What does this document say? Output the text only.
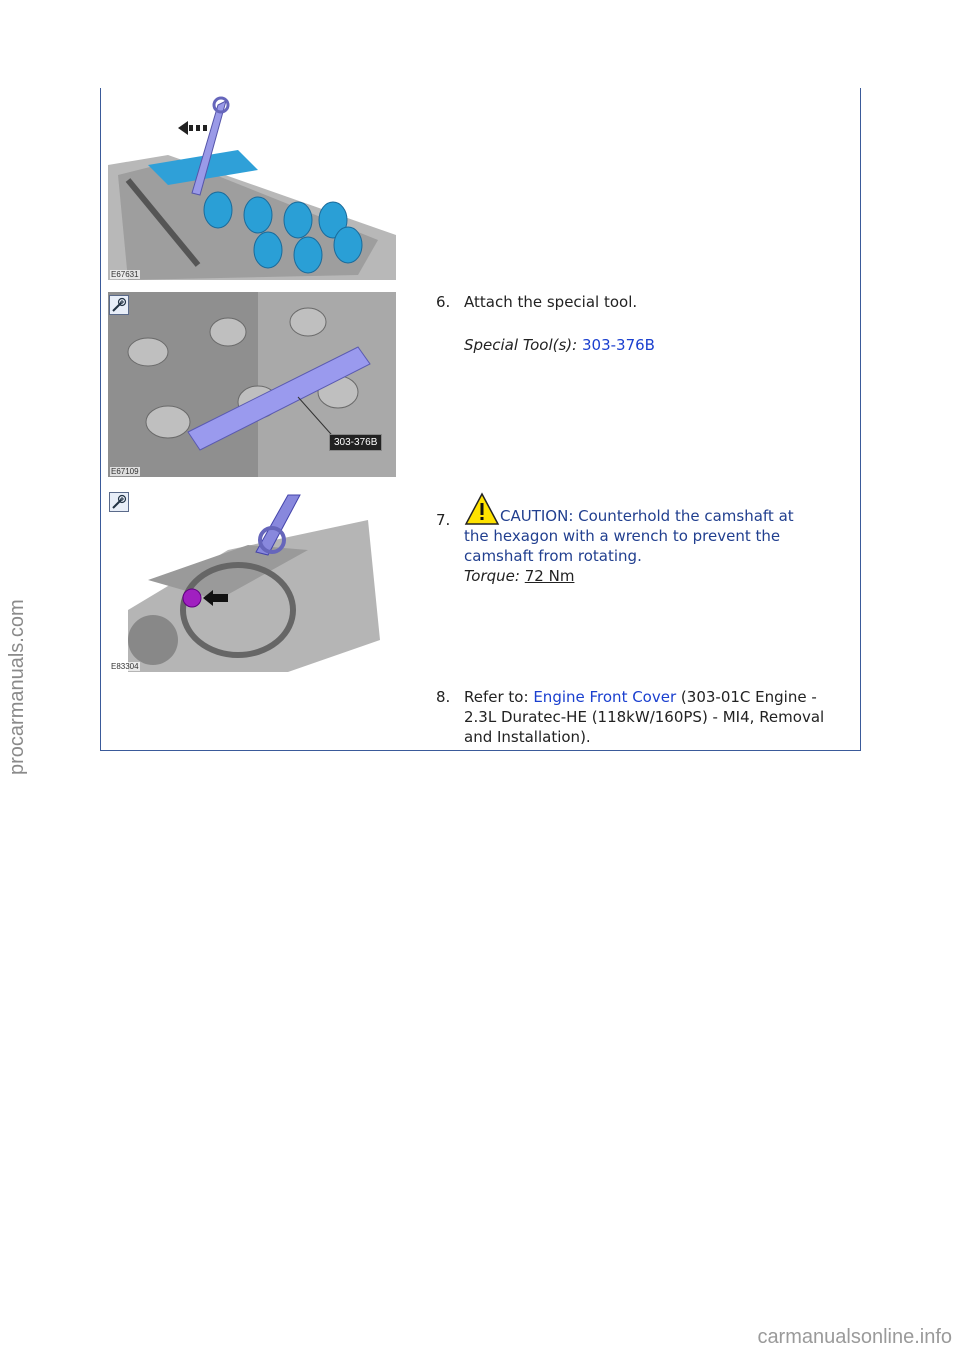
E67631
E67109
303-376B
E83304
6. Attach the special tool.
Special Tool(s): 303-376B
7.	CAUTION: Counterhold the camshaft at
the hexagon with a wrench to prevent the
camshaft from rotating.
Torque: 72 Nm
8. Refer to: Engine Front Cover (303-01C Engine -
2.3L Duratec-HE (118kW/160PS) - MI4, Removal
and Installation).
procarmanuals.com
carmanualsonline.info
